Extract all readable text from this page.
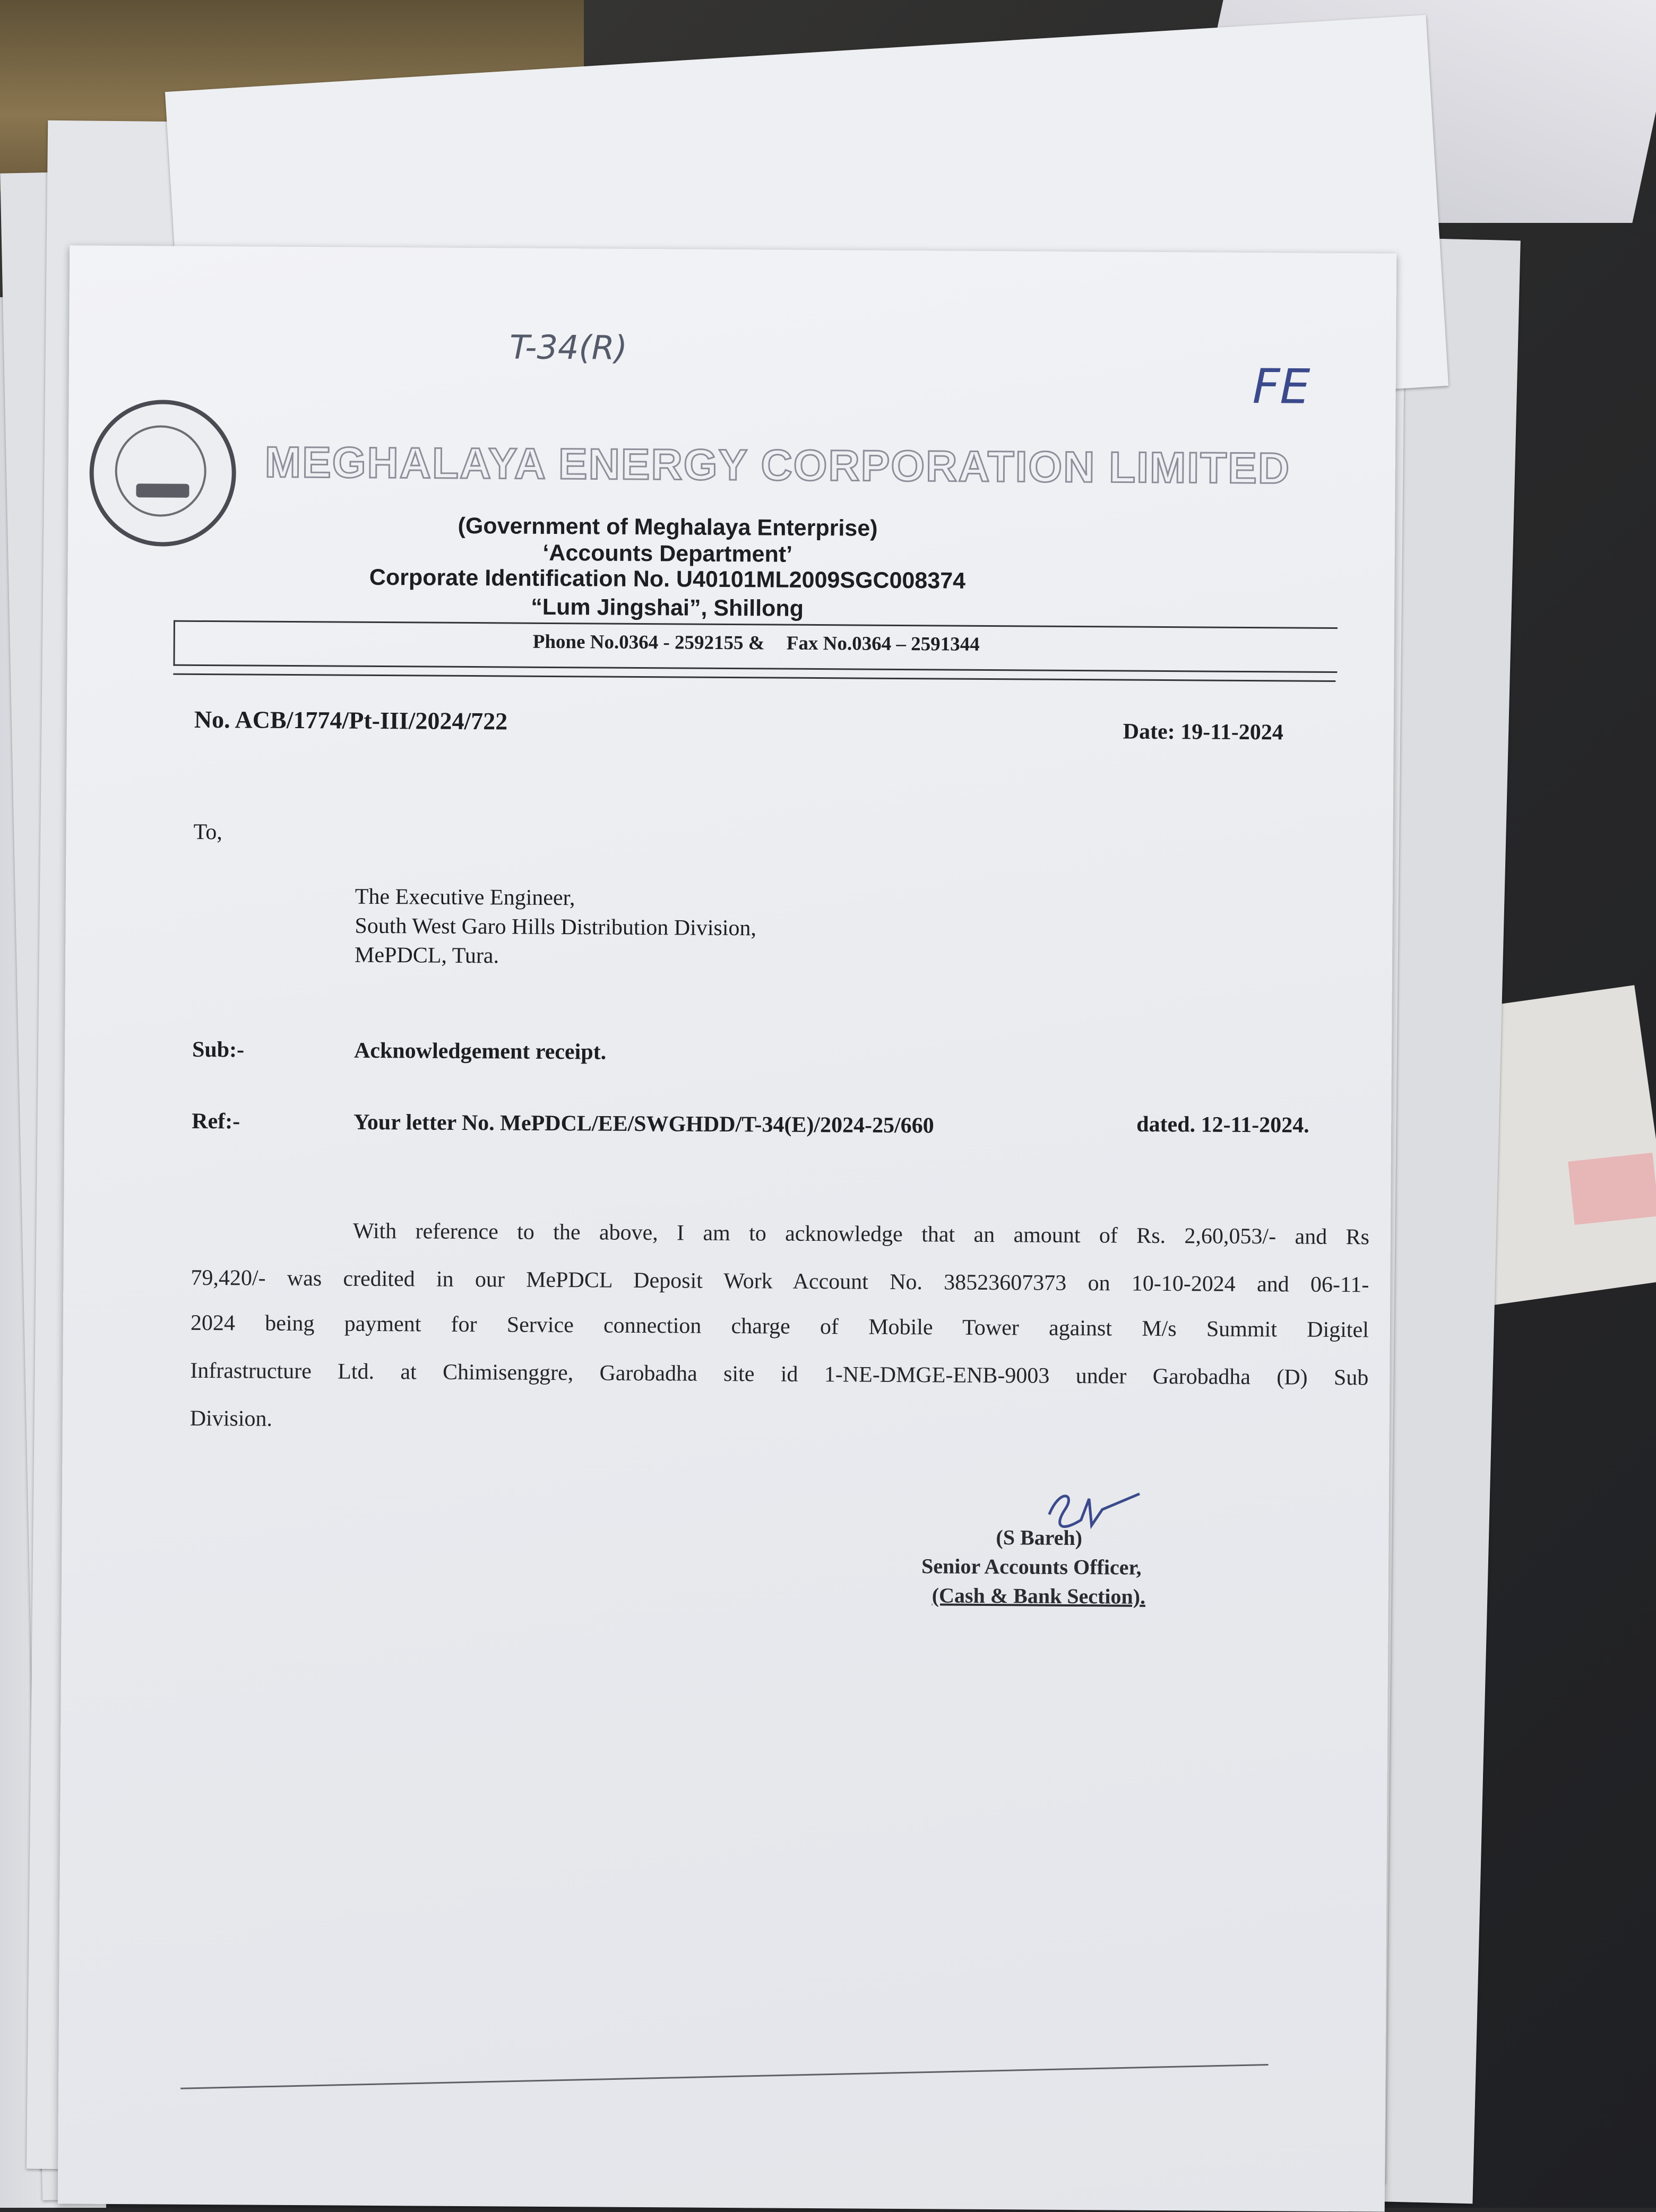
T-34(R)
FE
MEGHALAYA ENERGY CORPORATION LIMITED
(Government of Meghalaya Enterprise)
‘Accounts Department’
Corporate Identification No. U40101ML2009SGC008374
“Lum Jingshai”, Shillong
Phone No.0364 - 2592155 & Fax No.0364 – 2591344
No. ACB/1774/Pt-III/2024/722	Date: 19-11-2024
To,
The Executive Engineer,
South West Garo Hills Distribution Division,
MePDCL, Tura.
Sub:-	Acknowledgement receipt.
Ref:-	Your letter No. MePDCL/EE/SWGHDD/T-34(E)/2024-25/660	dated. 12-11-2024.
With reference to the above, I am to acknowledge that an amount of Rs. 2,60,053/- and Rs
79,420/- was credited in our MePDCL Deposit Work Account No. 38523607373 on 10-10-2024 and 06-11-
2024 being payment for Service connection charge of Mobile Tower against M/s Summit Digitel
Infrastructure Ltd. at Chimisenggre, Garobadha site id 1-NE-DMGE-ENB-9003 under Garobadha (D) Sub
Division.
(S Bareh)
Senior Accounts Officer,
(Cash & Bank Section).
